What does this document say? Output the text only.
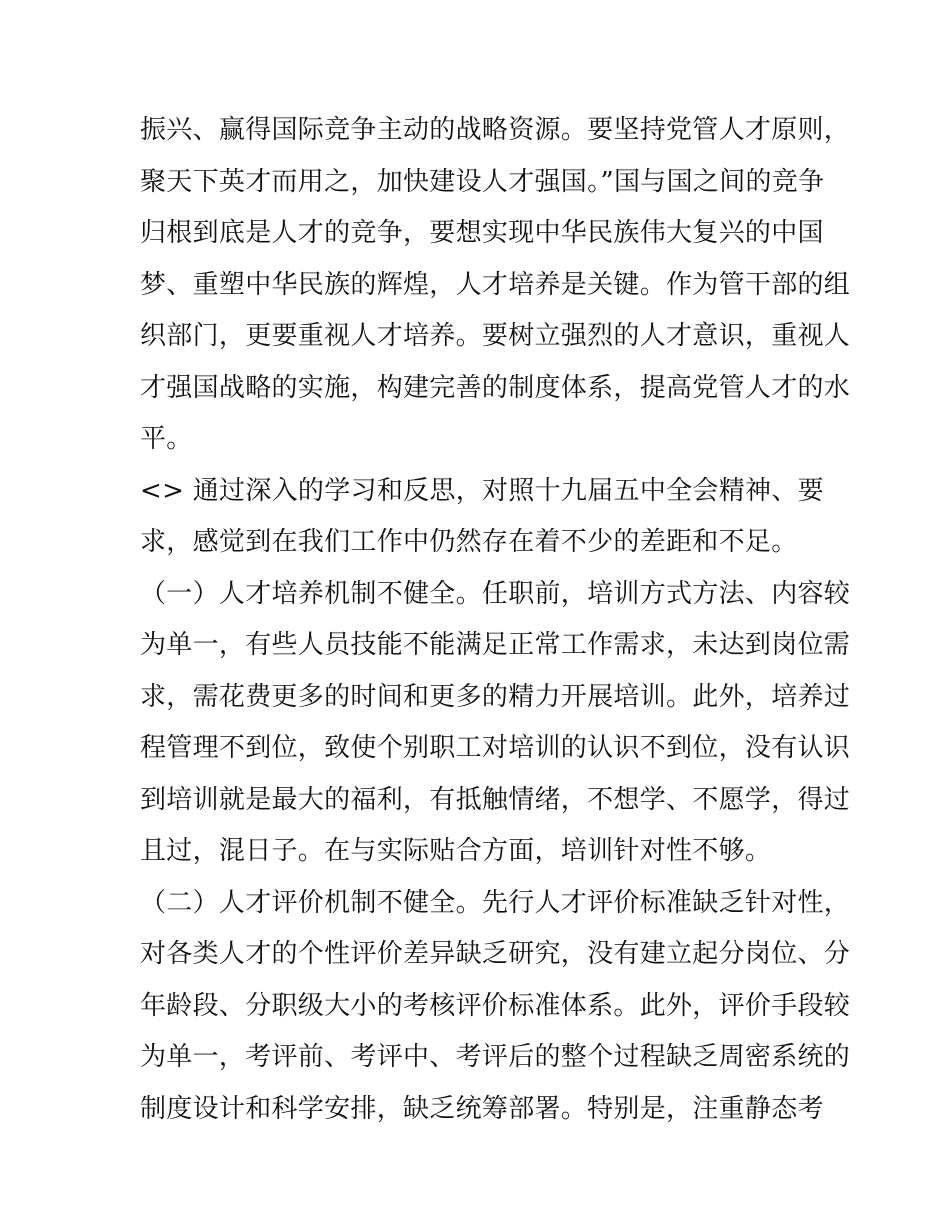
振兴、赢得国际竞争主动的战略资源。要坚持党管人才原则，
聚天下英才而用之，加快建设人才强国。”国与国之间的竞争
归根到底是人才的竞争，要想实现中华民族伟大复兴的中国
梦、重塑中华民族的辉煌，人才培养是关键。作为管干部的组
织部门，更要重视人才培养。要树立强烈的人才意识，重视人
才强国战略的实施，构建完善的制度体系，提高党管人才的水
平。
<> 通过深入的学习和反思，对照十九届五中全会精神、要
求，感觉到在我们工作中仍然存在着不少的差距和不足。
（一）人才培养机制不健全。任职前，培训方式方法、内容较
为单一，有些人员技能不能满足正常工作需求，未达到岗位需
求，需花费更多的时间和更多的精力开展培训。此外，培养过
程管理不到位，致使个别职工对培训的认识不到位，没有认识
到培训就是最大的福利，有抵触情绪，不想学、不愿学，得过
且过，混日子。在与实际贴合方面，培训针对性不够。
（二）人才评价机制不健全。先行人才评价标准缺乏针对性，
对各类人才的个性评价差异缺乏研究，没有建立起分岗位、分
年龄段、分职级大小的考核评价标准体系。此外，评价手段较
为单一，考评前、考评中、考评后的整个过程缺乏周密系统的
制度设计和科学安排，缺乏统筹部署。特别是，注重静态考
